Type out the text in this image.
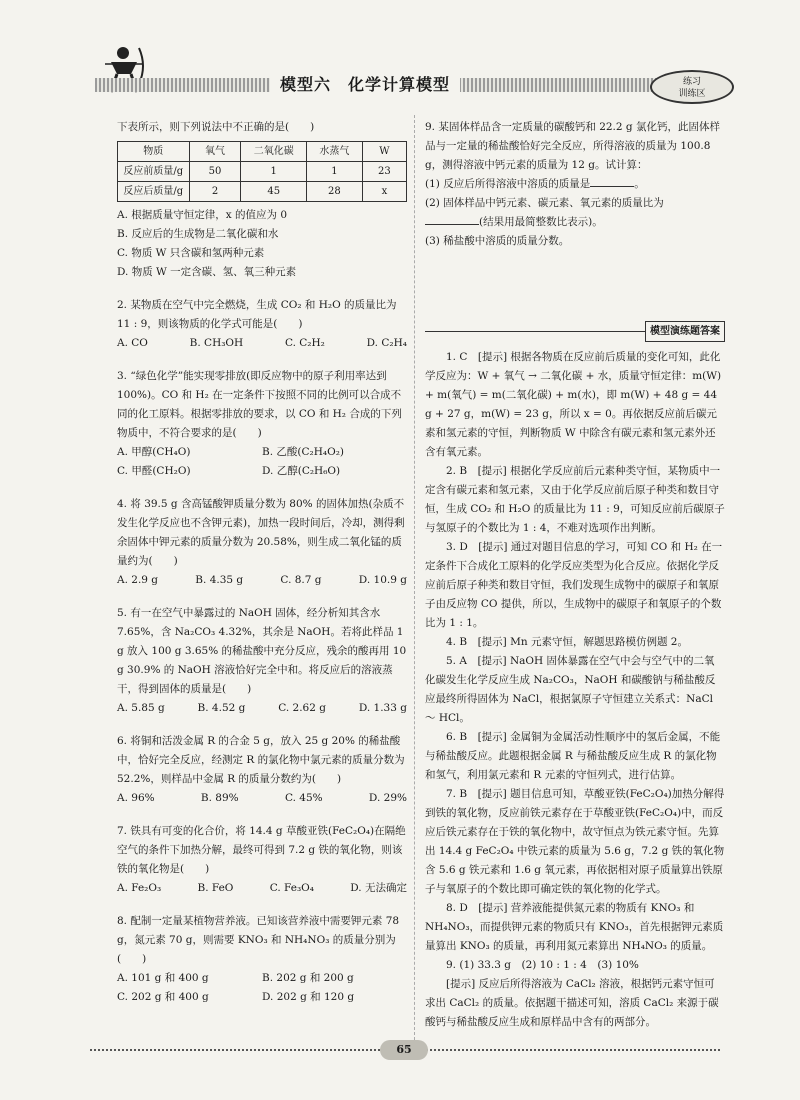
模型六　化学计算模型	练习
训练区

下表所示，则下列说法中不正确的是(　　)

物质	氧气	二氧化碳	水蒸气	W
反应前质量/g	50	1	1	23
反应后质量/g	2	45	28	x

A. 根据质量守恒定律，x 的值应为 0

B. 反应后的生成物是二氧化碳和水

C. 物质 W 只含碳和氢两种元素

D. 物质 W 一定含碳、氢、氧三种元素

2. 某物质在空气中完全燃烧，生成 CO₂ 和 H₂O 的质量比为 11 : 9，则该物质的化学式可能是(　　)

A. CO	B. CH₃OH	C. C₂H₂	D. C₂H₄

3. “绿色化学”能实现零排放(即反应物中的原子利用率达到100%)。CO 和 H₂ 在一定条件下按照不同的比例可以合成不同的化工原料。根据零排放的要求，以 CO 和 H₂ 合成的下列物质中，不符合要求的是(　　)

A. 甲醇(CH₄O)	B. 乙酸(C₂H₄O₂)
C. 甲醛(CH₂O)	D. 乙醇(C₂H₆O)

4. 将 39.5 g 含高锰酸钾质量分数为 80% 的固体加热(杂质不发生化学反应也不含钾元素)，加热一段时间后，冷却，测得剩余固体中钾元素的质量分数为 20.58%，则生成二氧化锰的质量约为(　　)

A. 2.9 g	B. 4.35 g	C. 8.7 g	D. 10.9 g

5. 有一在空气中暴露过的 NaOH 固体，经分析知其含水 7.65%，含 Na₂CO₃ 4.32%，其余是 NaOH。若将此样品 1 g 放入 100 g 3.65% 的稀盐酸中充分反应，残余的酸再用 10 g 30.9% 的 NaOH 溶液恰好完全中和。将反应后的溶液蒸干，得到固体的质量是(　　)

A. 5.85 g	B. 4.52 g	C. 2.62 g	D. 1.33 g

6. 将铜和活泼金属 R 的合金 5 g，放入 25 g 20% 的稀盐酸中，恰好完全反应，经测定 R 的氯化物中氯元素的质量分数为 52.2%，则样品中金属 R 的质量分数约为(　　)

A. 96%	B. 89%	C. 45%	D. 29%

7. 铁具有可变的化合价，将 14.4 g 草酸亚铁(FeC₂O₄)在隔绝空气的条件下加热分解，最终可得到 7.2 g 铁的氧化物，则该铁的氧化物是(　　)

A. Fe₂O₃	B. FeO	C. Fe₃O₄	D. 无法确定

8. 配制一定量某植物营养液。已知该营养液中需要钾元素 78 g，氮元素 70 g，则需要 KNO₃ 和 NH₄NO₃ 的质量分别为(　　)

A. 101 g 和 400 g	B. 202 g 和 200 g
C. 202 g 和 400 g	D. 202 g 和 120 g

9. 某固体样品含一定质量的碳酸钙和 22.2 g 氯化钙，此固体样品与一定量的稀盐酸恰好完全反应，所得溶液的质量为 100.8 g，测得溶液中钙元素的质量为 12 g。试计算：

(1) 反应后所得溶液中溶质的质量是	。

(2) 固体样品中钙元素、碳元素、氧元素的质量比为

(结果用最简整数比表示)。

(3) 稀盐酸中溶质的质量分数。

模型演练题答案

1. C　[提示] 根据各物质在反应前后质量的变化可知，此化学反应为：W + 氧气 → 二氧化碳 + 水，质量守恒定律：m(W) + m(氧气) = m(二氧化碳) + m(水)，即 m(W) + 48 g = 44 g + 27 g，m(W) = 23 g，所以 x = 0。再依据反应前后碳元素和氢元素的守恒，判断物质 W 中除含有碳元素和氢元素外还含有氧元素。

2. B　[提示] 根据化学反应前后元素种类守恒，某物质中一定含有碳元素和氢元素，又由于化学反应前后原子种类和数目守恒，生成 CO₂ 和 H₂O 的质量比为 11 : 9，可知反应前后碳原子与氢原子的个数比为 1 : 4，不难对选项作出判断。

3. D　[提示] 通过对题目信息的学习，可知 CO 和 H₂ 在一定条件下合成化工原料的化学反应类型为化合反应。依据化学反应前后原子种类和数目守恒，我们发现生成物中的碳原子和氧原子由反应物 CO 提供，所以，生成物中的碳原子和氧原子的个数比为 1 : 1。

4. B　[提示] Mn 元素守恒，解题思路模仿例题 2。

5. A　[提示] NaOH 固体暴露在空气中会与空气中的二氧化碳发生化学反应生成 Na₂CO₃，NaOH 和碳酸钠与稀盐酸反应最终所得固体为 NaCl，根据氯原子守恒建立关系式：NaCl ～ HCl。

6. B　[提示] 金属铜为金属活动性顺序中的氢后金属，不能与稀盐酸反应。此题根据金属 R 与稀盐酸反应生成 R 的氯化物和氢气，利用氯元素和 R 元素的守恒列式，进行估算。

7. B　[提示] 题目信息可知，草酸亚铁(FeC₂O₄)加热分解得到铁的氧化物，反应前铁元素存在于草酸亚铁(FeC₂O₄)中，而反应后铁元素存在于铁的氧化物中，故守恒点为铁元素守恒。先算出 14.4 g FeC₂O₄ 中铁元素的质量为 5.6 g，7.2 g 铁的氧化物含 5.6 g 铁元素和 1.6 g 氧元素，再依据相对原子质量算出铁原子与氧原子的个数比即可确定铁的氧化物的化学式。

8. D　[提示] 营养液能提供氮元素的物质有 KNO₃ 和 NH₄NO₃，而提供钾元素的物质只有 KNO₃，首先根据钾元素质量算出 KNO₃ 的质量，再利用氮元素算出 NH₄NO₃ 的质量。

9. (1) 33.3 g　(2) 10 : 1 : 4　(3) 10%

[提示] 反应后所得溶液为 CaCl₂ 溶液，根据钙元素守恒可求出 CaCl₂ 的质量。依据题干描述可知，溶质 CaCl₂ 来源于碳酸钙与稀盐酸反应生成和原样品中含有的两部分。

65
